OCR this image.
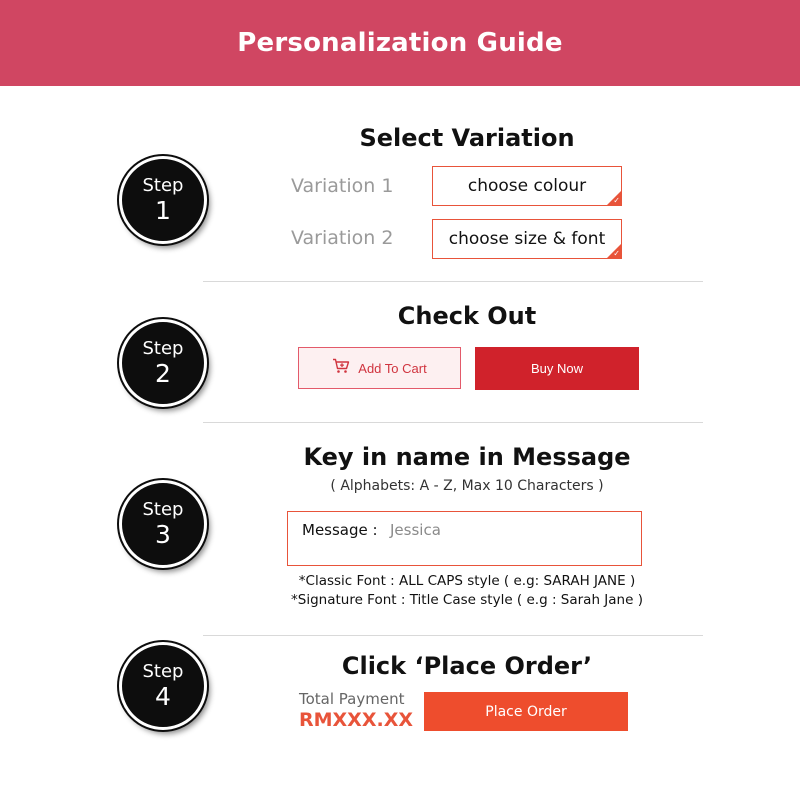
Personalization Guide
Step
1
Select Variation
Variation 1	choose colour
✓
Variation 2	choose size & font
✓
Step
2
Check Out
Add To Cart	Buy Now
Step
3
Key in name in Message
( Alphabets: A - Z, Max 10 Characters )
Message : Jessica
*Classic Font : ALL CAPS style ( e.g: SARAH JANE )
*Signature Font : Title Case style ( e.g : Sarah Jane )
Step
4
Click ‘Place Order’
Total Payment
RMXXX.XX	Place Order
